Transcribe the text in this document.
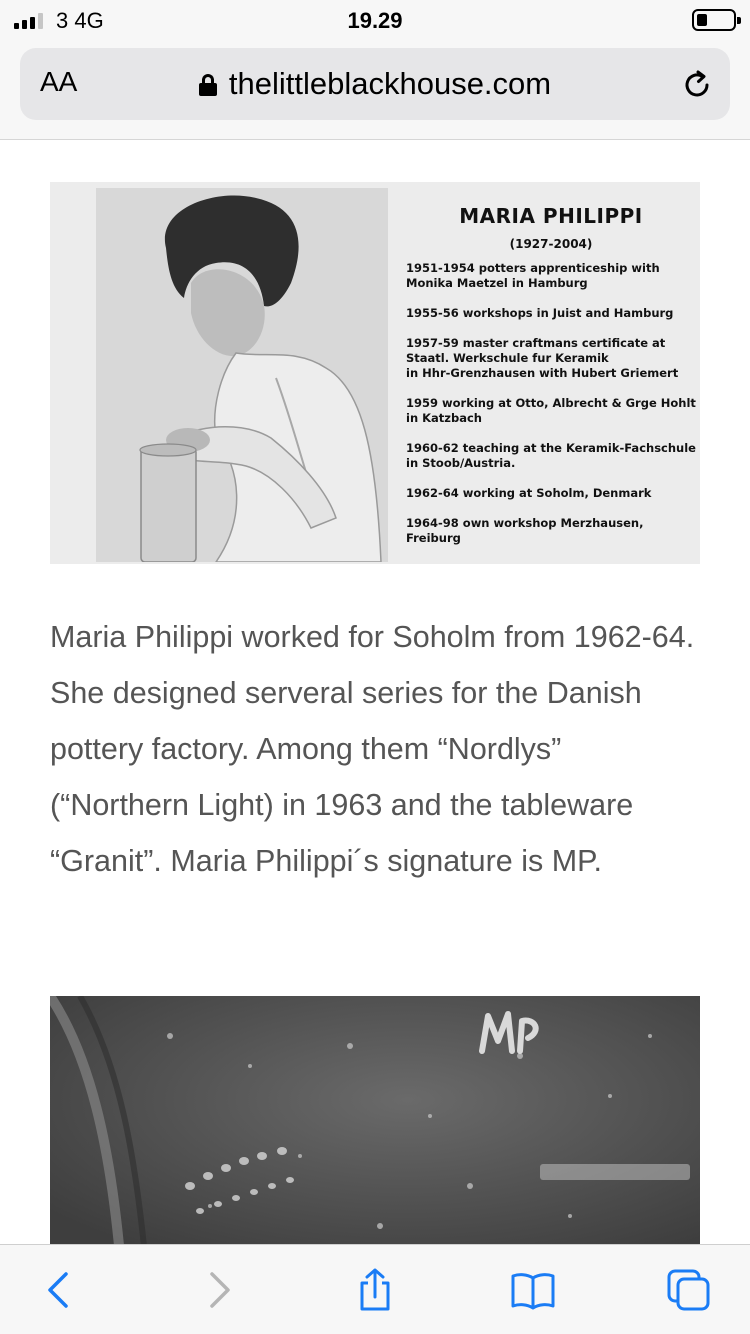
3 4G	19.29
AA	thelittleblackhouse.com
MARIA PHILIPPI
(1927-2004)
1951-1954 potters apprenticeship with
Monika Maetzel in Hamburg
1955-56 workshops in Juist and Hamburg
1957-59 master craftmans certificate at
Staatl. Werkschule fur Keramik
in Hhr-Grenzhausen with Hubert Griemert
1959 working at Otto, Albrecht & Grge Hohlt
in Katzbach
1960-62 teaching at the Keramik-Fachschule
in Stoob/Austria.
1962-64 working at Soholm, Denmark
1964-98 own workshop Merzhausen, Freiburg

Maria Philippi worked for Soholm from 1962-64. She designed serveral series for the Danish pottery factory. Among them “Nordlys” (“Northern Light) in 1963 and the tableware “Granit”. Maria Philippi´s signature is MP.
